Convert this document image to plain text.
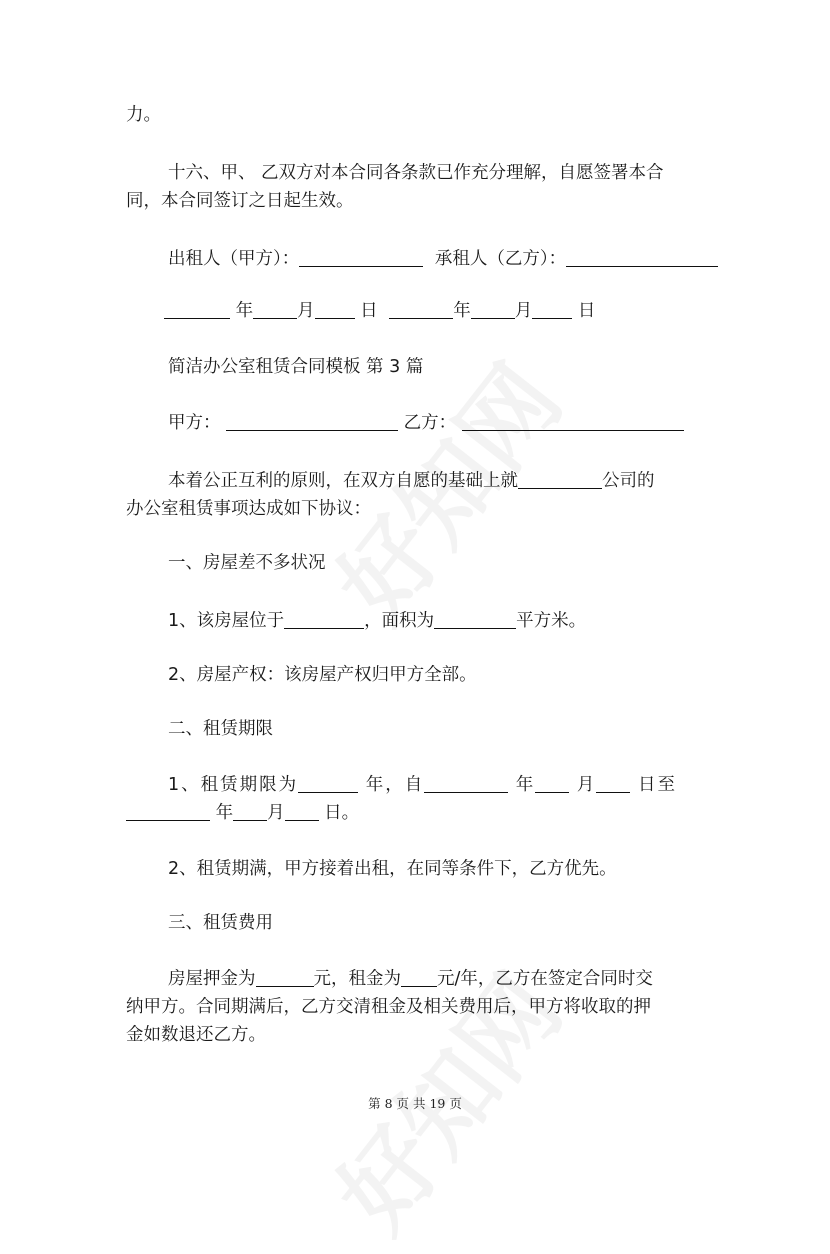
力。
十六、甲、 乙双方对本合同各条款已作充分理解，自愿签署本合
同，本合同签订之日起生效。
出租人（甲方）：	承租人（乙方）：
年	月	日	年	月	日
简洁办公室租赁合同模板 第 3 篇
甲方：	乙方：
本着公正互利的原则，在双方自愿的基础上就	公司的
办公室租赁事项达成如下协议：
一、房屋差不多状况
1、该房屋位于	，面积为	平方米。
2、房屋产权：该房屋产权归甲方全部。
二、租赁期限
1、租赁期限为	年，自	年 月 日至
年 月 日。
2、租赁期满，甲方接着出租，在同等条件下，乙方优先。
三、租赁费用
房屋押金为	元，租金为 元/年，乙方在签定合同时交
纳甲方。合同期满后，乙方交清租金及相关费用后，甲方将收取的押
金如数退还乙方。
第 8 页 共 19 页
